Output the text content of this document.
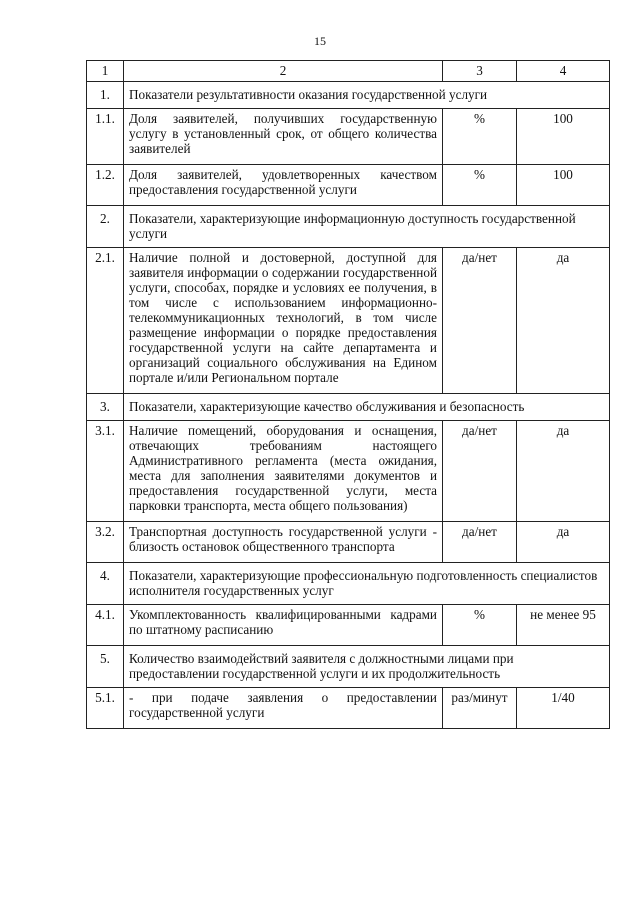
15
1	2	3	4
1.	Показатели результативности оказания государственной услуги		
1.1.	Доля заявителей, получивших государственную услугу в установленный срок, от общего количества заявителей	%	100
1.2.	Доля заявителей, удовлетворенных качеством предоставления государственной услуги	%	100
2.	Показатели, характеризующие информационную доступность государственной услуги		
2.1.	Наличие полной и достоверной, доступной для заявителя информации о содержании государственной услуги, способах, порядке и условиях ее получения, в том числе с использованием информационно-телекоммуникационных технологий, в том числе размещение информации о порядке предоставления государственной услуги на сайте департамента и организаций социального обслуживания на Едином портале и/или Региональном портале	да/нет	да
3.	Показатели, характеризующие качество обслуживания и безопасность		
3.1.	Наличие помещений, оборудования и оснащения, отвечающих требованиям настоящего Административного регламента (места ожидания, места для заполнения заявителями документов и предоставления государственной услуги, места парковки транспорта, места общего пользования)	да/нет	да
3.2.	Транспортная доступность государственной услуги - близость остановок общественного транспорта	да/нет	да
4.	Показатели, характеризующие профессиональную подготовленность специалистов исполнителя государственных услуг		
4.1.	Укомплектованность квалифицированными кадрами по штатному расписанию	%	не менее 95
5.	Количество взаимодействий заявителя с должностными лицами при предоставлении государственной услуги и их продолжительность		
5.1.	- при подаче заявления о предоставлении государственной услуги	раз/минут	1/40
